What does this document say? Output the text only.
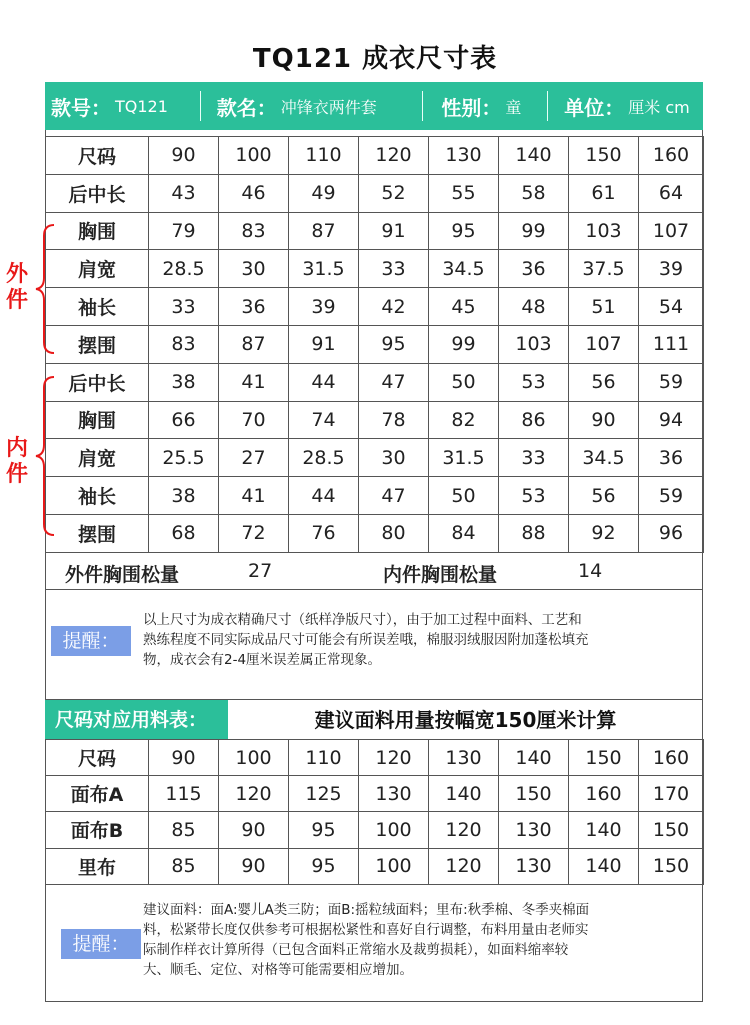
TQ121 成衣尺寸表
款号： TQ121 款名： 冲锋衣两件套	性别： 童 单位： 厘米 cm
尺码	90	100	110	120	130	140	150	160
后中长	43	46	49	52	55	58	61	64
胸围	79	83	87	91	95	99	103	107
肩宽	28.5	30	31.5	33	34.5	36	37.5	39
袖长	33	36	39	42	45	48	51	54
摆围	83	87	91	95	99	103	107	111
后中长	38	41	44	47	50	53	56	59
胸围	66	70	74	78	82	86	90	94
肩宽	25.5	27	28.5	30	31.5	33	34.5	36
袖长	38	41	44	47	50	53	56	59
摆围	68	72	76	80	84	88	92	96
外件
内件
外件胸围松量	27	内件胸围松量	14
提醒：
以上尺寸为成衣精确尺寸（纸样净版尺寸），由于加工过程中面料、工艺和
熟练程度不同实际成品尺寸可能会有所误差哦，棉服羽绒服因附加蓬松填充
物，成衣会有2-4厘米误差属正常现象。
尺码对应用料表：	建议面料用量按幅宽150厘米计算
尺码	90	100	110	120	130	140	150	160
面布A	115	120	125	130	140	150	160	170
面布B	85	90	95	100	120	130	140	150
里布	85	90	95	100	120	130	140	150
提醒：
建议面料：面A:婴儿A类三防；面B:摇粒绒面料；里布:秋季棉、冬季夹棉面
料，松紧带长度仅供参考可根据松紧性和喜好自行调整，布料用量由老师实
际制作样衣计算所得（已包含面料正常缩水及裁剪损耗），如面料缩率较
大、顺毛、定位、对格等可能需要相应增加。
